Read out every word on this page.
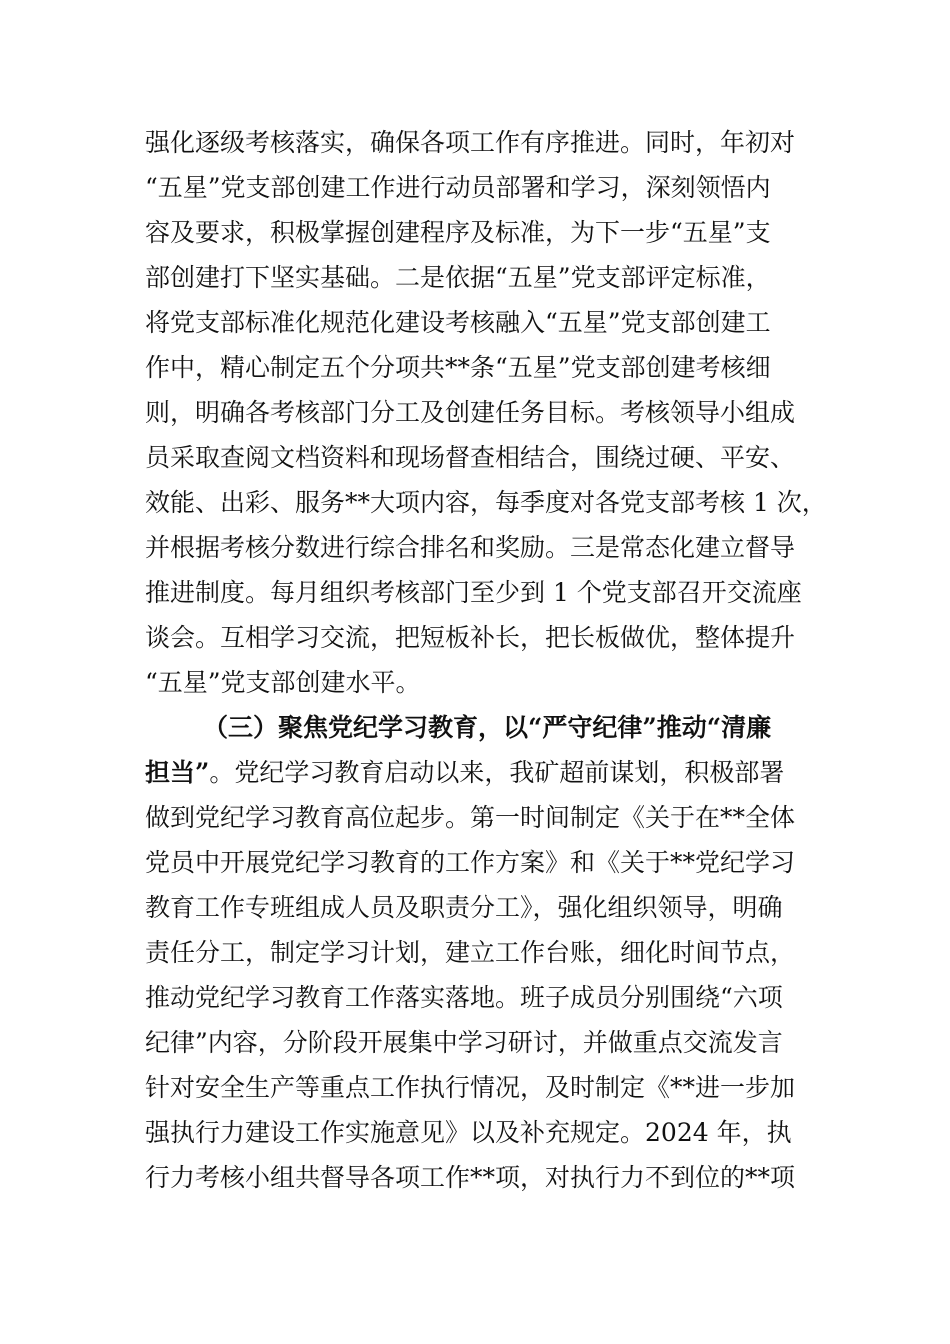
强化逐级考核落实，确保各项工作有序推进。同时，年初对
“五星”党支部创建工作进行动员部署和学习，深刻领悟内
容及要求，积极掌握创建程序及标准，为下一步“五星”支
部创建打下坚实基础。二是依据“五星”党支部评定标准，
将党支部标准化规范化建设考核融入“五星”党支部创建工
作中，精心制定五个分项共**条“五星”党支部创建考核细
则，明确各考核部门分工及创建任务目标。考核领导小组成
员采取查阅文档资料和现场督查相结合，围绕过硬、平安、
效能、出彩、服务**大项内容，每季度对各党支部考核 1 次，
并根据考核分数进行综合排名和奖励。三是常态化建立督导
推进制度。每月组织考核部门至少到 1 个党支部召开交流座
谈会。互相学习交流，把短板补长，把长板做优，整体提升
“五星”党支部创建水平。
（三）聚焦党纪学习教育，以“严守纪律”推动“清廉
担当”。党纪学习教育启动以来，我矿超前谋划，积极部署
做到党纪学习教育高位起步。第一时间制定《关于在**全体
党员中开展党纪学习教育的工作方案》和《关于**党纪学习
教育工作专班组成人员及职责分工》，强化组织领导，明确
责任分工，制定学习计划，建立工作台账，细化时间节点，
推动党纪学习教育工作落实落地。班子成员分别围绕“六项
纪律”内容，分阶段开展集中学习研讨，并做重点交流发言
针对安全生产等重点工作执行情况，及时制定《**进一步加
强执行力建设工作实施意见》以及补充规定。2024 年，执
行力考核小组共督导各项工作**项，对执行力不到位的**项
